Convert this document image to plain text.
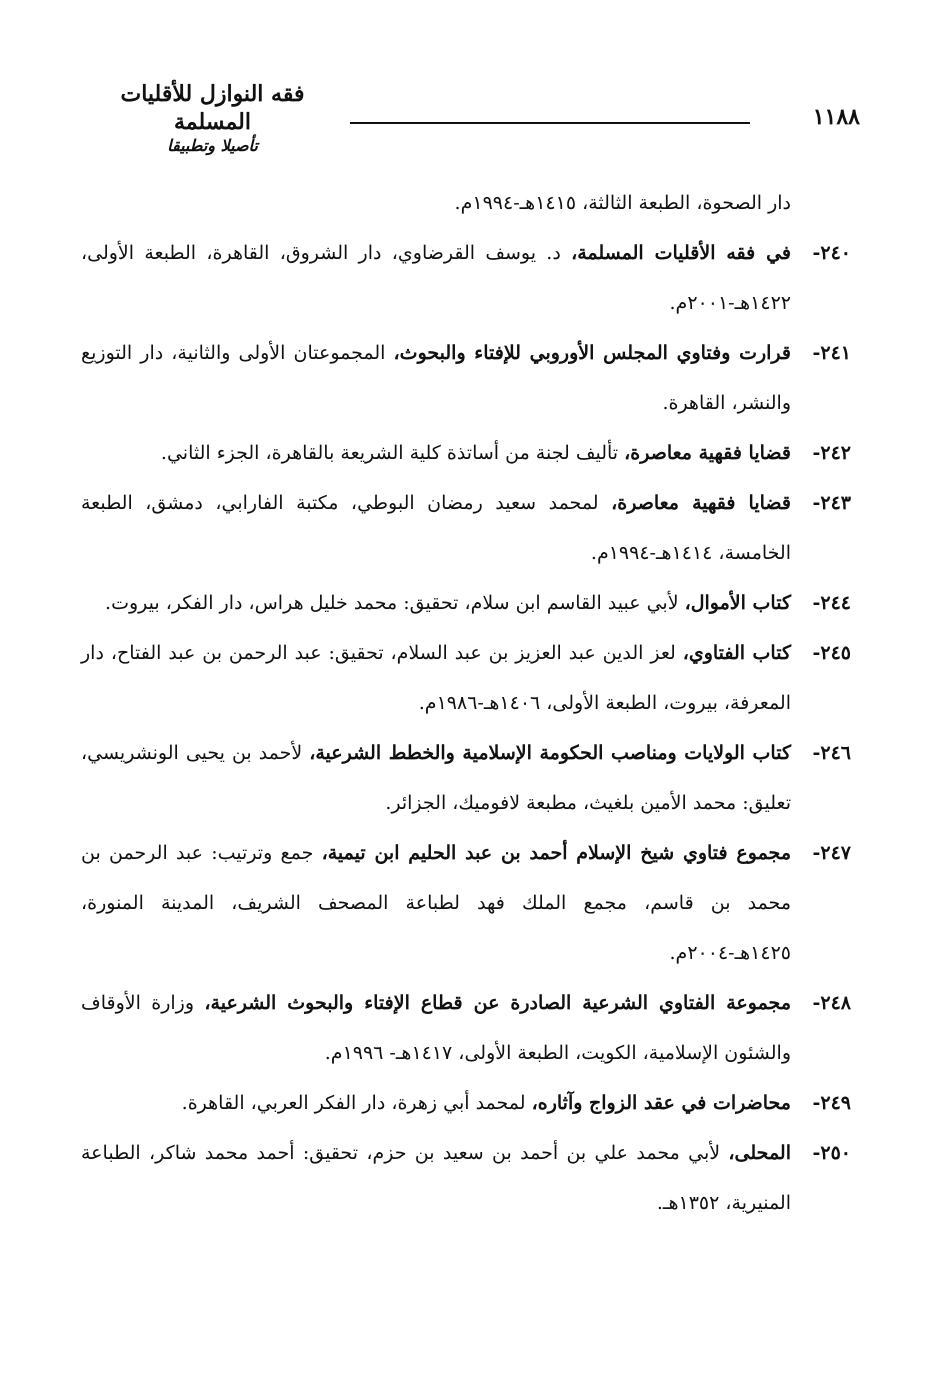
١١٨٨
فقه النوازل للأقليات المسلمة
تأصيلا وتطبيقا

دار الصحوة، الطبعة الثالثة، ١٤١٥هـ-١٩٩٤م.

٢٤٠-
في فقه الأقليات المسلمة، د. يوسف القرضاوي، دار الشروق، القاهرة، الطبعة الأولى، ١٤٢٢هـ-٢٠٠١م.
٢٤١-
قرارت وفتاوي المجلس الأوروبي للإفتاء والبحوث، المجموعتان الأولى والثانية، دار التوزيع والنشر، القاهرة.
٢٤٢-
قضايا فقهية معاصرة، تأليف لجنة من أساتذة كلية الشريعة بالقاهرة، الجزء الثاني.
٢٤٣-
قضايا فقهية معاصرة، لمحمد سعيد رمضان البوطي، مكتبة الفارابي، دمشق، الطبعة الخامسة، ١٤١٤هـ-١٩٩٤م.
٢٤٤-
كتاب الأموال، لأبي عبيد القاسم ابن سلام، تحقيق: محمد خليل هراس، دار الفكر، بيروت.
٢٤٥-
كتاب الفتاوي، لعز الدين عبد العزيز بن عبد السلام، تحقيق: عبد الرحمن بن عبد الفتاح، دار المعرفة، بيروت، الطبعة الأولى، ١٤٠٦هـ-١٩٨٦م.
٢٤٦-
كتاب الولايات ومناصب الحكومة الإسلامية والخطط الشرعية، لأحمد بن يحيى الونشريسي، تعليق: محمد الأمين بلغيث، مطبعة لافوميك، الجزائر.
٢٤٧-
مجموع فتاوي شيخ الإسلام أحمد بن عبد الحليم ابن تيمية، جمع وترتيب: عبد الرحمن بن محمد بن قاسم، مجمع الملك فهد لطباعة المصحف الشريف، المدينة المنورة، ١٤٢٥هـ-٢٠٠٤م.
٢٤٨-
مجموعة الفتاوي الشرعية الصادرة عن قطاع الإفتاء والبحوث الشرعية، وزارة الأوقاف والشئون الإسلامية، الكويت، الطبعة الأولى، ١٤١٧هـ- ١٩٩٦م.
٢٤٩-
محاضرات في عقد الزواج وآثاره، لمحمد أبي زهرة، دار الفكر العربي، القاهرة.
٢٥٠-
المحلى، لأبي محمد علي بن أحمد بن سعيد بن حزم، تحقيق: أحمد محمد شاكر، الطباعة المنيرية، ١٣٥٢هـ.
